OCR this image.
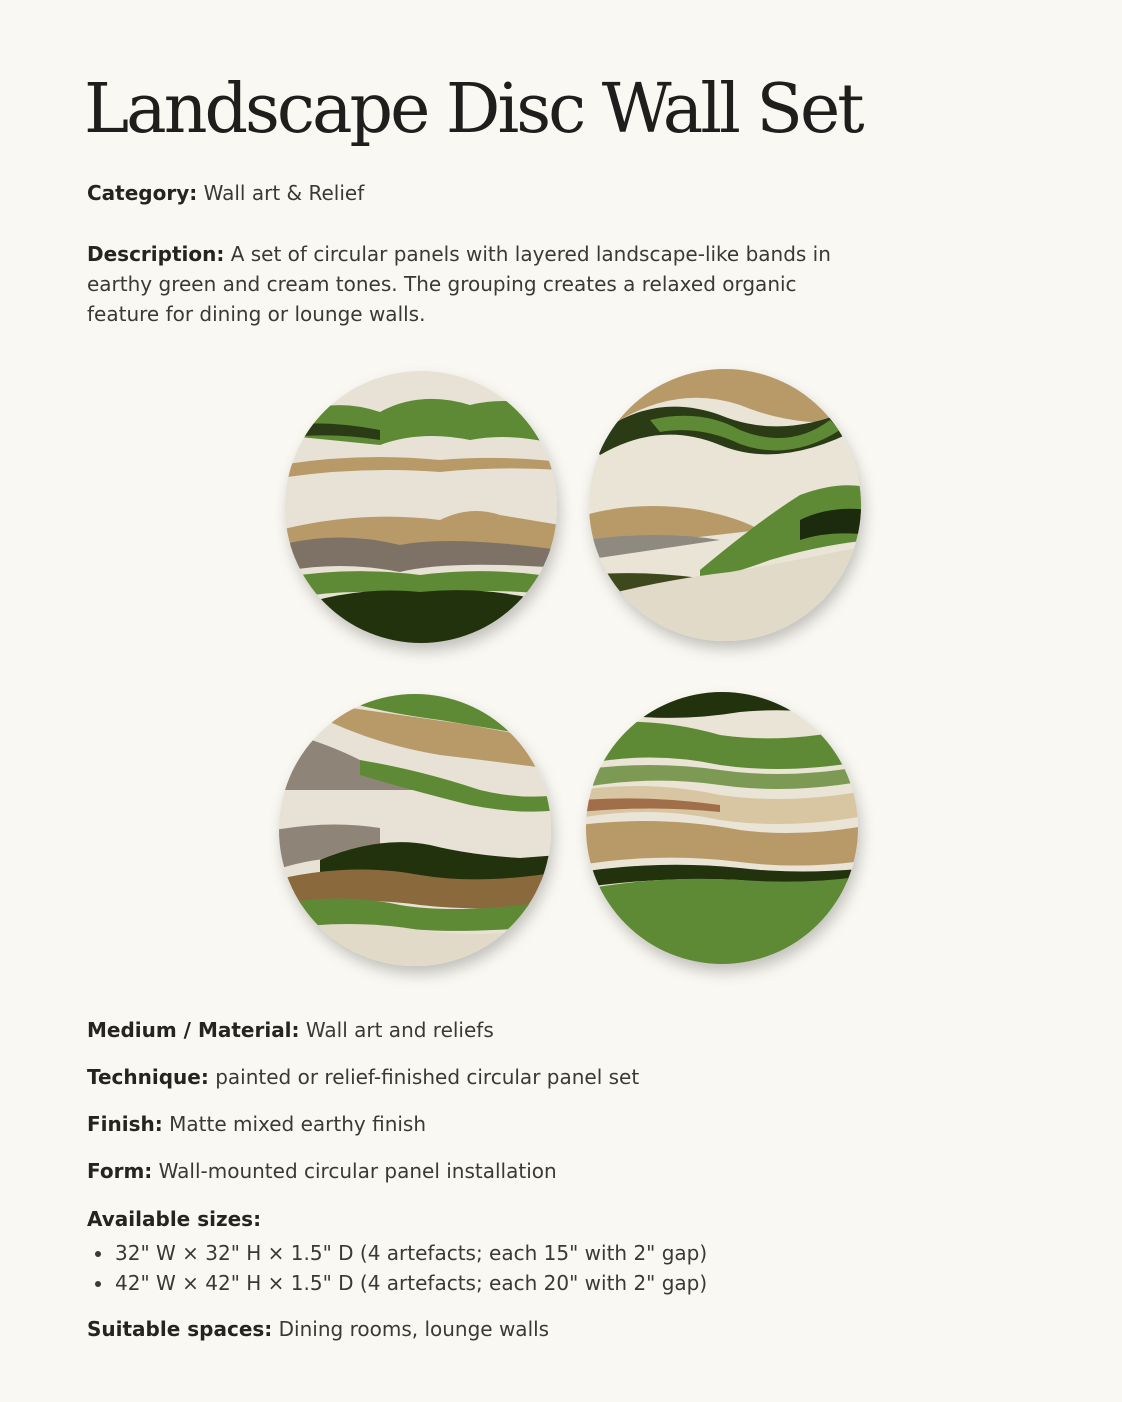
Landscape Disc Wall Set
Category: Wall art & Relief
Description: A set of circular panels with layered landscape-like bands in earthy green and cream tones. The grouping creates a relaxed organic feature for dining or lounge walls.
Medium / Material: Wall art and reliefs
Technique: painted or relief-finished circular panel set
Finish: Matte mixed earthy finish
Form: Wall-mounted circular panel installation
Available sizes:
32" W × 32" H × 1.5" D (4 artefacts; each 15" with 2" gap)
42" W × 42" H × 1.5" D (4 artefacts; each 20" with 2" gap)
Suitable spaces: Dining rooms, lounge walls
